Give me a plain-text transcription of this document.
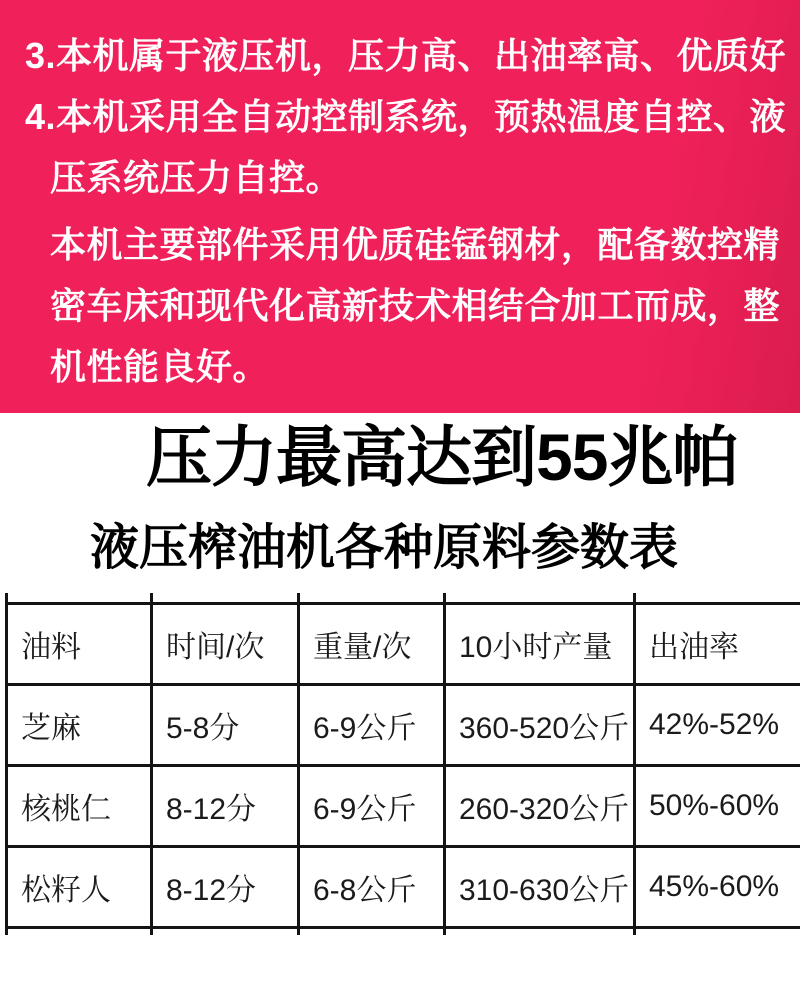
3.本机属于液压机，压力高、出油率高、优质好
4.本机采用全自动控制系统，预热温度自控、液
压系统压力自控。
本机主要部件采用优质硅锰钢材，配备数控精
密车床和现代化高新技术相结合加工而成，整
机性能良好。
压力最高达到55兆帕
液压榨油机各种原料参数表
油料	时间/次	重量/次	10小时产量	出油率
芝麻	5-8分	6-9公斤	360-520公斤	42%-52%
核桃仁	8-12分	6-9公斤	260-320公斤	50%-60%
松籽人	8-12分	6-8公斤	310-630公斤	45%-60%
